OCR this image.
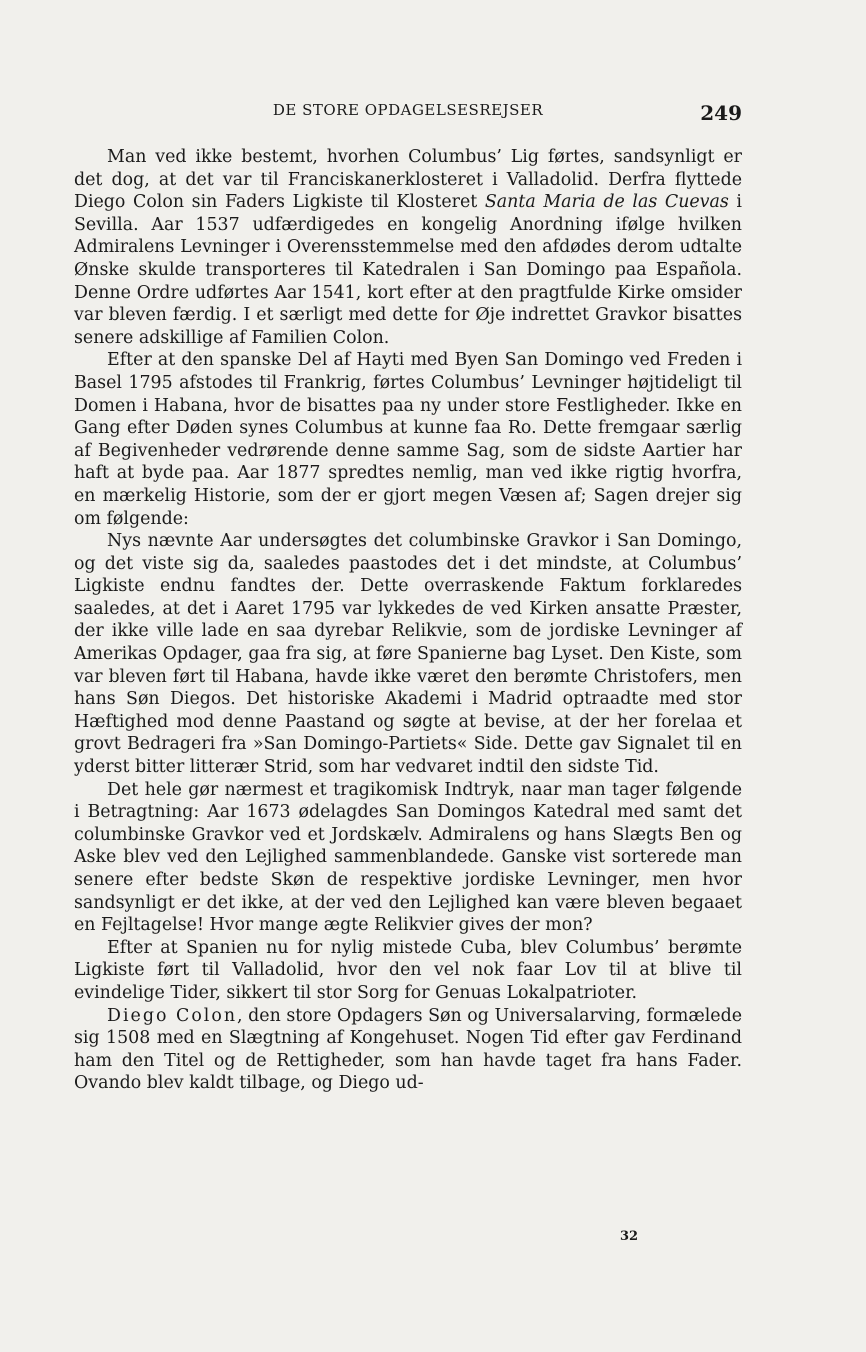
DE STORE OPDAGELSESREJSER	249

Man ved ikke bestemt, hvorhen Columbus’ Lig førtes, sandsynligt er det dog, at det var til Franciskanerklosteret i Valladolid. Derfra flyttede Diego Colon sin Faders Ligkiste til Klosteret Santa Maria de las Cuevas i Sevilla. Aar 1537 udfærdigedes en kongelig Anordning ifølge hvilken Admiralens Levninger i Overensstemmelse med den afdødes derom udtalte Ønske skulde transporteres til Katedralen i San Domingo paa Española. Denne Ordre udførtes Aar 1541, kort efter at den pragtfulde Kirke omsider var bleven færdig. I et særligt med dette for Øje indrettet Gravkor bisattes senere adskillige af Familien Colon.

Efter at den spanske Del af Hayti med Byen San Domingo ved Freden i Basel 1795 afstodes til Frankrig, førtes Columbus’ Levninger højtideligt til Domen i Habana, hvor de bisattes paa ny under store Festligheder. Ikke en Gang efter Døden synes Columbus at kunne faa Ro. Dette fremgaar særlig af Begivenheder vedrørende denne samme Sag, som de sidste Aartier har haft at byde paa. Aar 1877 spredtes nemlig, man ved ikke rigtig hvorfra, en mærkelig Historie, som der er gjort megen Væsen af; Sagen drejer sig om følgende:

Nys nævnte Aar undersøgtes det columbinske Gravkor i San Domingo, og det viste sig da, saaledes paastodes det i det mindste, at Columbus’ Ligkiste endnu fandtes der. Dette overraskende Faktum forklaredes saaledes, at det i Aaret 1795 var lykkedes de ved Kirken ansatte Præster, der ikke ville lade en saa dyrebar Relikvie, som de jordiske Levninger af Amerikas Opdager, gaa fra sig, at føre Spanierne bag Lyset. Den Kiste, som var bleven ført til Habana, havde ikke været den berømte Christofers, men hans Søn Diegos. Det historiske Akademi i Madrid optraadte med stor Hæftighed mod denne Paastand og søgte at bevise, at der her forelaa et grovt Bedrageri fra »San Domingo-Partiets« Side. Dette gav Signalet til en yderst bitter litterær Strid, som har vedvaret indtil den sidste Tid.

Det hele gør nærmest et tragikomisk Indtryk, naar man tager følgende i Betragtning: Aar 1673 ødelagdes San Domingos Katedral med samt det columbinske Gravkor ved et Jordskælv. Admiralens og hans Slægts Ben og Aske blev ved den Lejlighed sammenblandede. Ganske vist sorterede man senere efter bedste Skøn de respektive jordiske Levninger, men hvor sandsynligt er det ikke, at der ved den Lejlighed kan være bleven begaaet en Fejltagelse! Hvor mange ægte Relikvier gives der mon?

Efter at Spanien nu for nylig mistede Cuba, blev Columbus’ berømte Ligkiste ført til Valladolid, hvor den vel nok faar Lov til at blive til evindelige Tider, sikkert til stor Sorg for Genuas Lokalpatrioter.

Diego Colon, den store Opdagers Søn og Universalarving, formælede sig 1508 med en Slægtning af Kongehuset. Nogen Tid efter gav Ferdinand ham den Titel og de Rettigheder, som han havde taget fra hans Fader. Ovando blev kaldt tilbage, og Diego ud-

32
